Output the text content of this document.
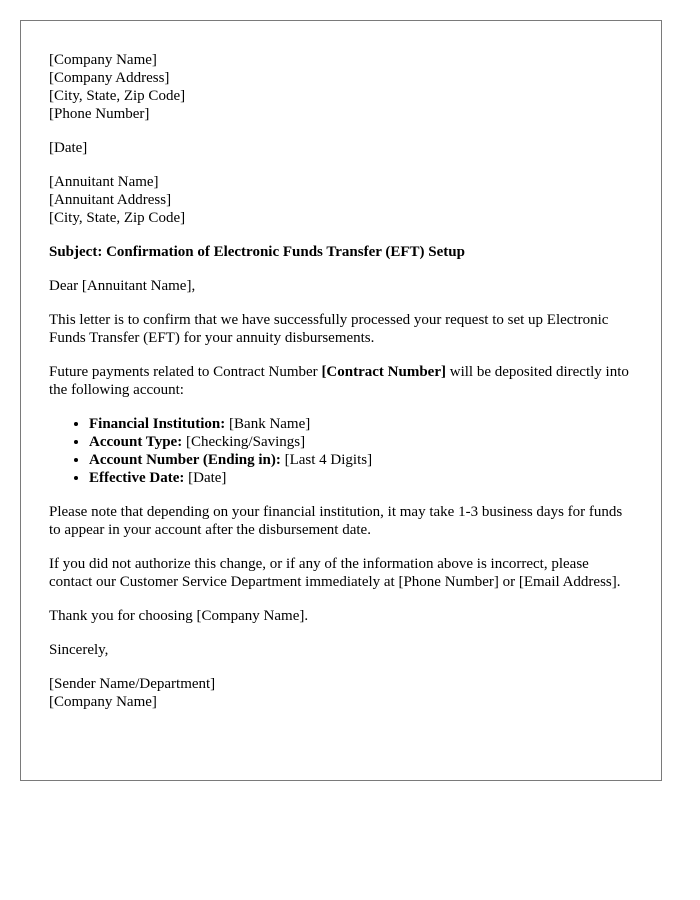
[Company Name]
[Company Address]
[City, State, Zip Code]
[Phone Number]

[Date]

[Annuitant Name]
[Annuitant Address]
[City, State, Zip Code]

Subject: Confirmation of Electronic Funds Transfer (EFT) Setup

Dear [Annuitant Name],

This letter is to confirm that we have successfully processed your request to set up Electronic Funds Transfer (EFT) for your annuity disbursements.

Future payments related to Contract Number [Contract Number] will be deposited directly into the following account:

• Financial Institution: [Bank Name]
• Account Type: [Checking/Savings]
• Account Number (Ending in): [Last 4 Digits]
• Effective Date: [Date]

Please note that depending on your financial institution, it may take 1-3 business days for funds to appear in your account after the disbursement date.

If you did not authorize this change, or if any of the information above is incorrect, please contact our Customer Service Department immediately at [Phone Number] or [Email Address].

Thank you for choosing [Company Name].

Sincerely,

[Sender Name/Department]
[Company Name]
